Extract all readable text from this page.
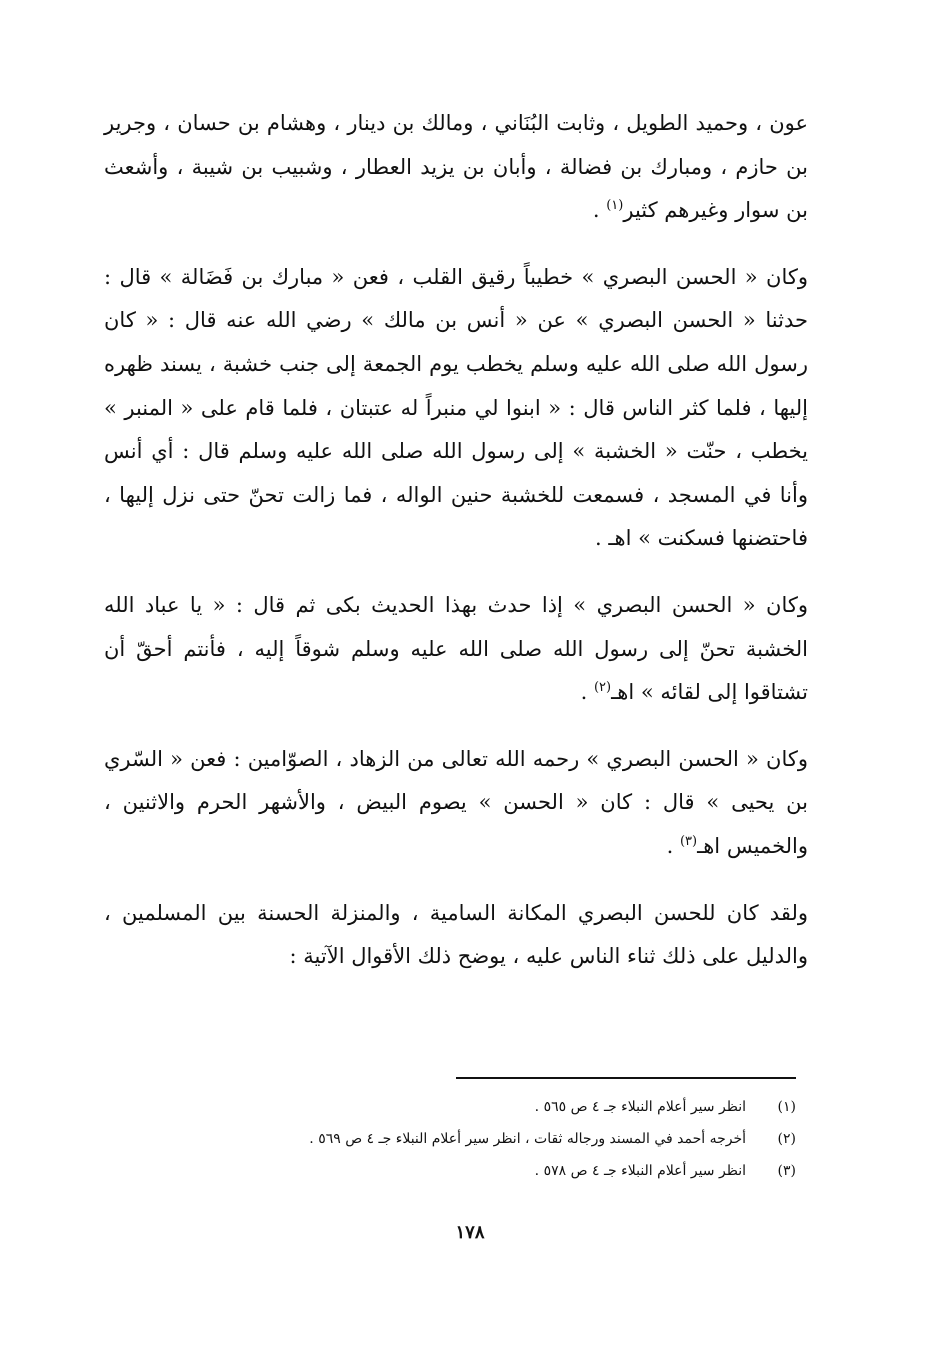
عون ، وحميد الطويل ، وثابت البُنَاني ، ومالك بن دينار ، وهشام بن حسان ، وجرير بن حازم ، ومبارك بن فضالة ، وأبان بن يزيد العطار ، وشبيب بن شيبة ، وأشعث بن سوار وغيرهم كثير$^{(١)}$ .

وكان « الحسن البصري » خطيباً رقيق القلب ، فعن « مبارك بن فَضَالة » قال : حدثنا « الحسن البصري » عن « أنس بن مالك » رضي الله عنه قال : « كان رسول الله صلى الله عليه وسلم يخطب يوم الجمعة إلى جنب خشبة ، يسند ظهره إليها ، فلما كثر الناس قال : « ابنوا لي منبراً له عتبتان ، فلما قام على « المنبر » يخطب ، حنّت « الخشبة » إلى رسول الله صلى الله عليه وسلم قال : أي أنس وأنا في المسجد ، فسمعت للخشبة حنين الواله ، فما زالت تحنّ حتى نزل إليها ، فاحتضنها فسكنت » اهـ .

وكان « الحسن البصري » إذا حدث بهذا الحديث بكى ثم قال : « يا عباد الله الخشبة تحنّ إلى رسول الله صلى الله عليه وسلم شوقاً إليه ، فأنتم أحقّ أن تشتاقوا إلى لقائه » اهـ$^{(٢)}$ .

وكان « الحسن البصري » رحمه الله تعالى من الزهاد ، الصوّامين : فعن « السّري بن يحيى » قال : كان « الحسن » يصوم البيض ، والأشهر الحرم والاثنين ، والخميس اهـ$^{(٣)}$ .

ولقد كان للحسن البصري المكانة السامية ، والمنزلة الحسنة بين المسلمين ، والدليل على ذلك ثناء الناس عليه ، يوضح ذلك الأقوال الآتية :

(١)
انظر سير أعلام النبلاء جـ ٤ ص ٥٦٥ .
(٢)
أخرجه أحمد في المسند ورجاله ثقات ، انظر سير أعلام النبلاء جـ ٤ ص ٥٦٩ .
(٣)
انظر سير أعلام النبلاء جـ ٤ ص ٥٧٨ .
١٧٨
